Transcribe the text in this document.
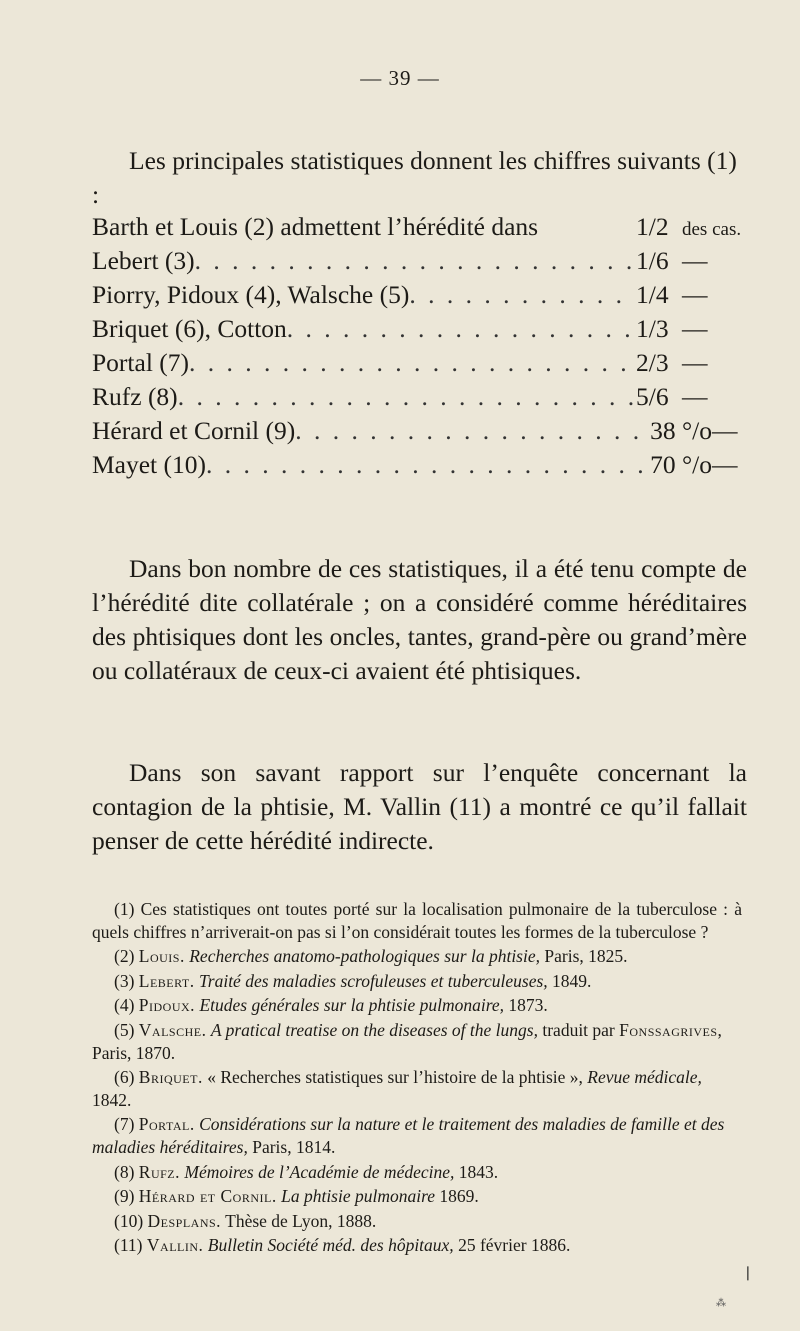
— 39 —

Les principales statistiques donnent les chiffres suivants (1) :

Barth et Louis (2) admettent l’hérédité dans	1/2 des cas.
Lebert (3) . . .	1/6 —
Piorry, Pidoux (4), Walsche (5) . . .	1/4 —
Briquet (6), Cotton . . .	1/3 —
Portal (7) . . .	2/3 —
Rufz (8) . . .	5/6 —
Hérard et Cornil (9) . . .	38 °/o —
Mayet (10) . . .	70 °/o —

Dans bon nombre de ces statistiques, il a été tenu compte de l’hérédité dite collatérale ; on a considéré comme héréditaires des phtisiques dont les oncles, tantes, grand-père ou grand’mère ou collatéraux de ceux-ci avaient été phtisiques.

Dans son savant rapport sur l’enquête concernant la contagion de la phtisie, M. Vallin (11) a montré ce qu’il fallait penser de cette hérédité indirecte.

(1) Ces statistiques ont toutes porté sur la localisation pulmonaire de la tuberculose : à quels chiffres n’arriverait-on pas si l’on considérait toutes les formes de la tuberculose ?

(2) Louis. Recherches anatomo-pathologiques sur la phtisie, Paris, 1825.

(3) Lebert. Traité des maladies scrofuleuses et tuberculeuses, 1849.

(4) Pidoux. Etudes générales sur la phtisie pulmonaire, 1873.

(5) Valsche. A pratical treatise on the diseases of the lungs, traduit par Fonssagrives, Paris, 1870.

(6) Briquet. « Recherches statistiques sur l’histoire de la phtisie », Revue médicale, 1842.

(7) Portal. Considérations sur la nature et le traitement des maladies de famille et des maladies héréditaires, Paris, 1814.

(8) Rufz. Mémoires de l’Académie de médecine, 1843.

(9) Hérard et Cornil. La phtisie pulmonaire 1869.

(10) Desplans. Thèse de Lyon, 1888.

(11) Vallin. Bulletin Société méd. des hôpitaux, 25 février 1886.

❘
⁂
